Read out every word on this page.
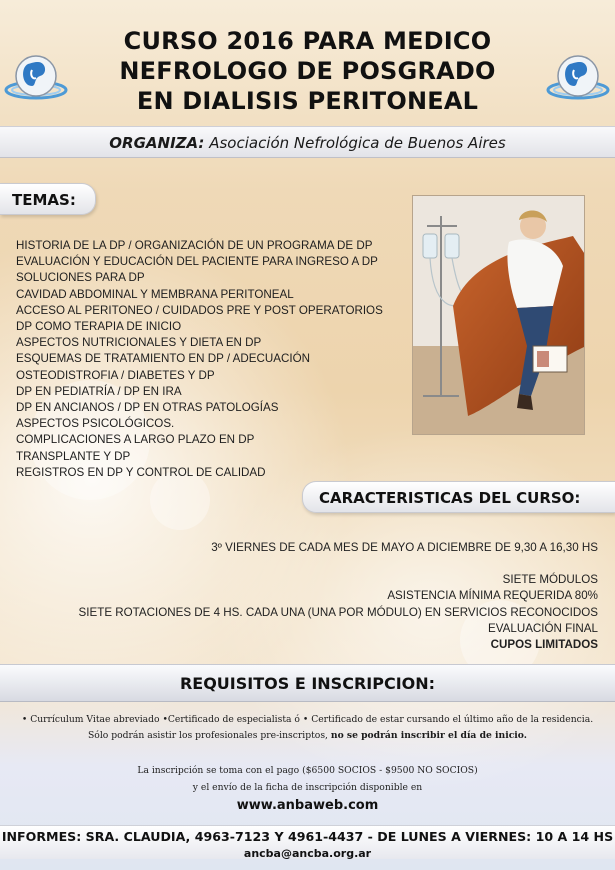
CURSO 2016 PARA MEDICO
NEFROLOGO DE POSGRADO
EN DIALISIS PERITONEAL
ORGANIZA: Asociación Nefrológica de Buenos Aires
TEMAS:
HISTORIA DE LA DP / ORGANIZACIÓN DE UN PROGRAMA DE DP
EVALUACIÓN Y EDUCACIÓN DEL PACIENTE PARA INGRESO A DP
SOLUCIONES PARA DP
CAVIDAD ABDOMINAL Y MEMBRANA PERITONEAL
ACCESO AL PERITONEO / CUIDADOS PRE Y POST OPERATORIOS
DP COMO TERAPIA DE INICIO
ASPECTOS NUTRICIONALES Y DIETA EN DP
ESQUEMAS DE TRATAMIENTO EN DP / ADECUACIÓN
OSTEODISTROFIA / DIABETES Y DP
DP EN PEDIATRÍA / DP EN IRA
DP EN ANCIANOS / DP EN OTRAS PATOLOGÍAS
ASPECTOS PSICOLÓGICOS.
COMPLICACIONES A LARGO PLAZO EN DP
TRANSPLANTE Y DP
REGISTROS EN DP Y CONTROL DE CALIDAD
CARACTERISTICAS DEL CURSO:
3º VIERNES DE CADA MES DE MAYO A DICIEMBRE DE 9,30 A 16,30 HS
SIETE MÓDULOS
ASISTENCIA MÍNIMA REQUERIDA 80%
SIETE ROTACIONES DE 4 HS. CADA UNA (UNA POR MÓDULO) EN SERVICIOS RECONOCIDOS
EVALUACIÓN FINAL
CUPOS LIMITADOS
REQUISITOS E INSCRIPCION:
• Currículum Vitae abreviado •Certificado de especialista ó • Certificado de estar cursando el último año de la residencia.
Sólo podrán asistir los profesionales pre-inscriptos, no se podrán inscribir el día de inicio.
La inscripción se toma con el pago ($6500 SOCIOS - $9500 NO SOCIOS)
y el envío de la ficha de inscripción disponible en
www.anbaweb.com
INFORMES: SRA. CLAUDIA, 4963-7123 Y 4961-4437 - DE LUNES A VIERNES: 10 A 14 HS
ancba@ancba.org.ar
